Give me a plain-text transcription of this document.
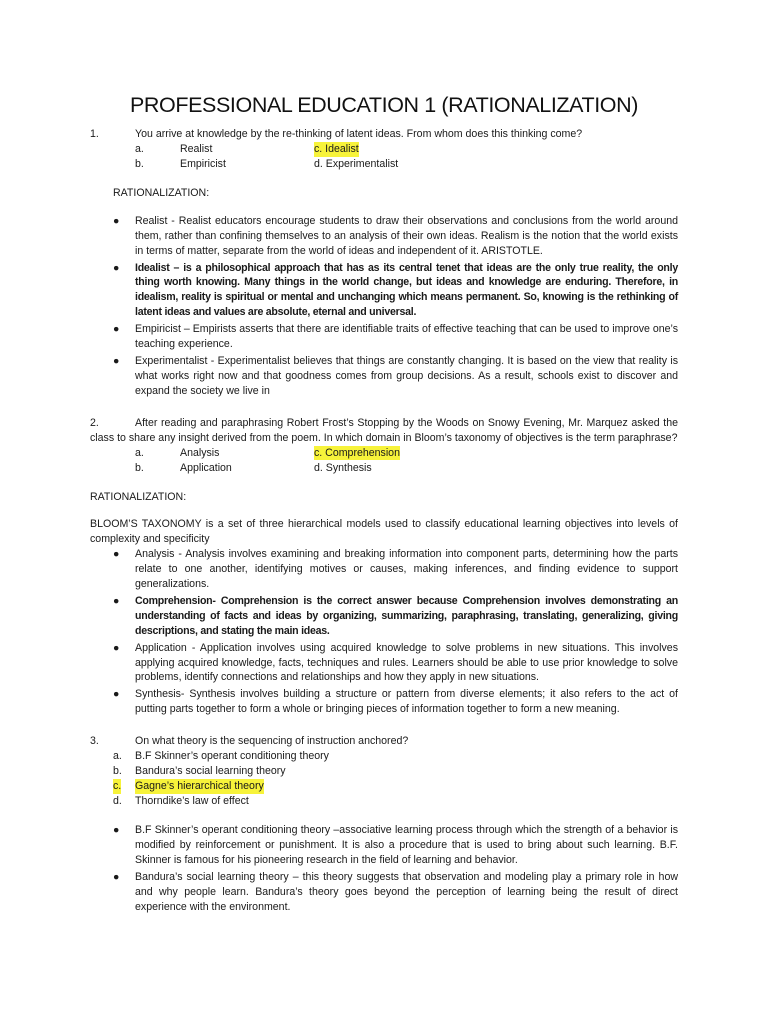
PROFESSIONAL EDUCATION 1 (RATIONALIZATION)
1.	You arrive at knowledge by the re-thinking of latent ideas. From whom does this thinking come?
a.	Realist	c. Idealist
b.	Empiricist	d. Experimentalist
RATIONALIZATION:
● Realist - Realist educators encourage students to draw their observations and conclusions from the world around them, rather than confining themselves to an analysis of their own ideas. Realism is the notion that the world exists in terms of matter, separate from the world of ideas and independent of it. ARISTOTLE.
● Idealist – is a philosophical approach that has as its central tenet that ideas are the only true reality, the only thing worth knowing. Many things in the world change, but ideas and knowledge are enduring. Therefore, in idealism, reality is spiritual or mental and unchanging which means permanent. So, knowing is the rethinking of latent ideas and values are absolute, eternal and universal.
● Empiricist – Empirists asserts that there are identifiable traits of effective teaching that can be used to improve one’s teaching experience.
● Experimentalist - Experimentalist believes that things are constantly changing. It is based on the view that reality is what works right now and that goodness comes from group decisions. As a result, schools exist to discover and expand the society we live in
2.	After reading and paraphrasing Robert Frost’s Stopping by the Woods on Snowy Evening, Mr. Marquez asked the class to share any insight derived from the poem. In which domain in Bloom’s taxonomy of objectives is the term paraphrase?
a.	Analysis	c. Comprehension
b.	Application	d. Synthesis
RATIONALIZATION:
BLOOM’S TAXONOMY is a set of three hierarchical models used to classify educational learning objectives into levels of complexity and specificity
● Analysis - Analysis involves examining and breaking information into component parts, determining how the parts relate to one another, identifying motives or causes, making inferences, and finding evidence to support generalizations.
● Comprehension- Comprehension is the correct answer because Comprehension involves demonstrating an understanding of facts and ideas by organizing, summarizing, paraphrasing, translating, generalizing, giving descriptions, and stating the main ideas.
● Application - Application involves using acquired knowledge to solve problems in new situations. This involves applying acquired knowledge, facts, techniques and rules. Learners should be able to use prior knowledge to solve problems, identify connections and relationships and how they apply in new situations.
● Synthesis- Synthesis involves building a structure or pattern from diverse elements; it also refers to the act of putting parts together to form a whole or bringing pieces of information together to form a new meaning.
3.	On what theory is the sequencing of instruction anchored?
a. B.F Skinner’s operant conditioning theory
b. Bandura’s social learning theory
c. Gagne’s hierarchical theory
d. Thorndike’s law of effect
● B.F Skinner’s operant conditioning theory –associative learning process through which the strength of a behavior is modified by reinforcement or punishment. It is also a procedure that is used to bring about such learning. B.F. Skinner is famous for his pioneering research in the field of learning and behavior.
● Bandura’s social learning theory – this theory suggests that observation and modeling play a primary role in how and why people learn. Bandura’s theory goes beyond the perception of learning being the result of direct experience with the environment.
